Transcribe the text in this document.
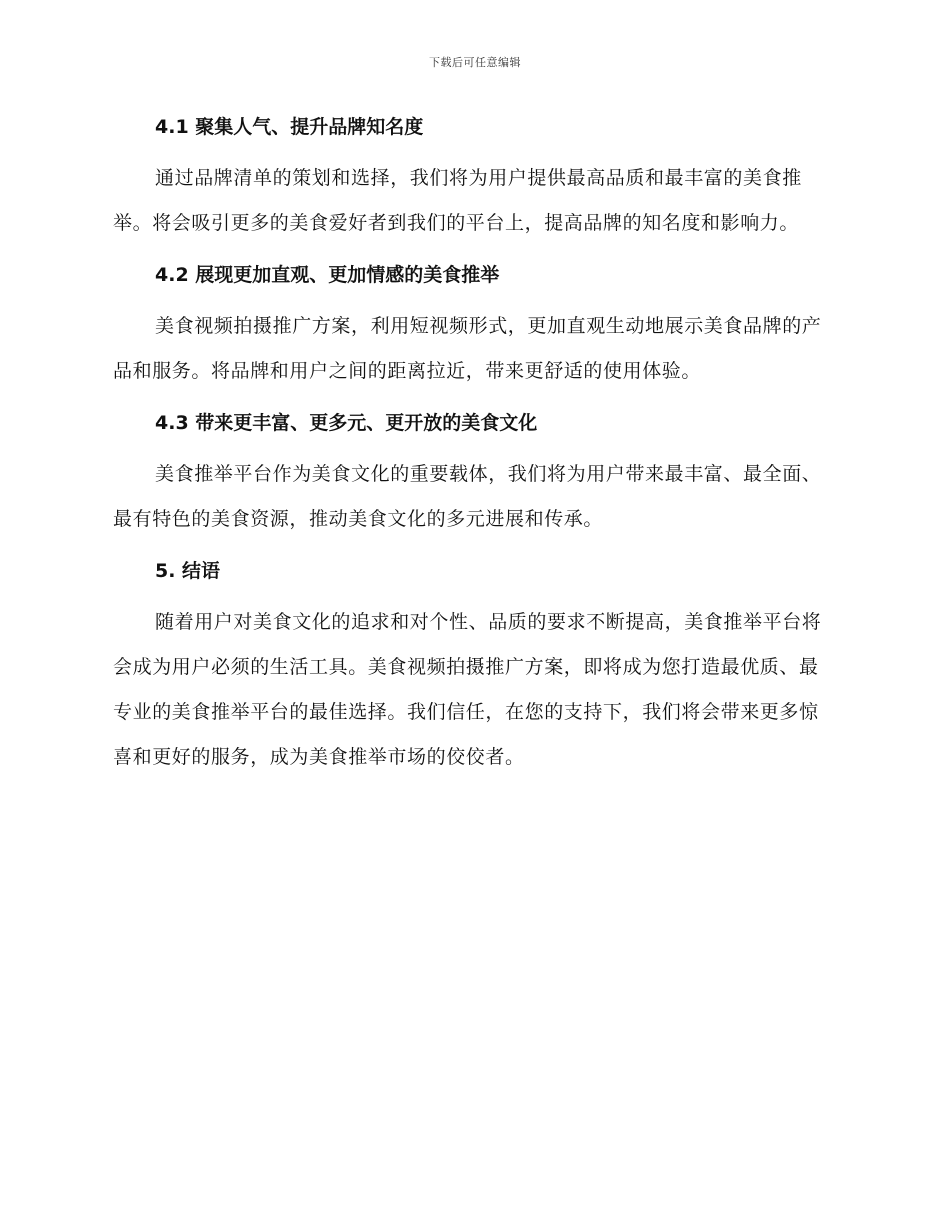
下载后可任意编辑
4.1 聚集人气、提升品牌知名度

通过品牌清单的策划和选择，我们将为用户提供最高品质和最丰富的美食推举。将会吸引更多的美食爱好者到我们的平台上，提高品牌的知名度和影响力。

4.2 展现更加直观、更加情感的美食推举

美食视频拍摄推广方案，利用短视频形式，更加直观生动地展示美食品牌的产品和服务。将品牌和用户之间的距离拉近，带来更舒适的使用体验。

4.3 带来更丰富、更多元、更开放的美食文化

美食推举平台作为美食文化的重要载体，我们将为用户带来最丰富、最全面、最有特色的美食资源，推动美食文化的多元进展和传承。

5. 结语

随着用户对美食文化的追求和对个性、品质的要求不断提高，美食推举平台将会成为用户必须的生活工具。美食视频拍摄推广方案，即将成为您打造最优质、最专业的美食推举平台的最佳选择。我们信任，在您的支持下，我们将会带来更多惊喜和更好的服务，成为美食推举市场的佼佼者。
